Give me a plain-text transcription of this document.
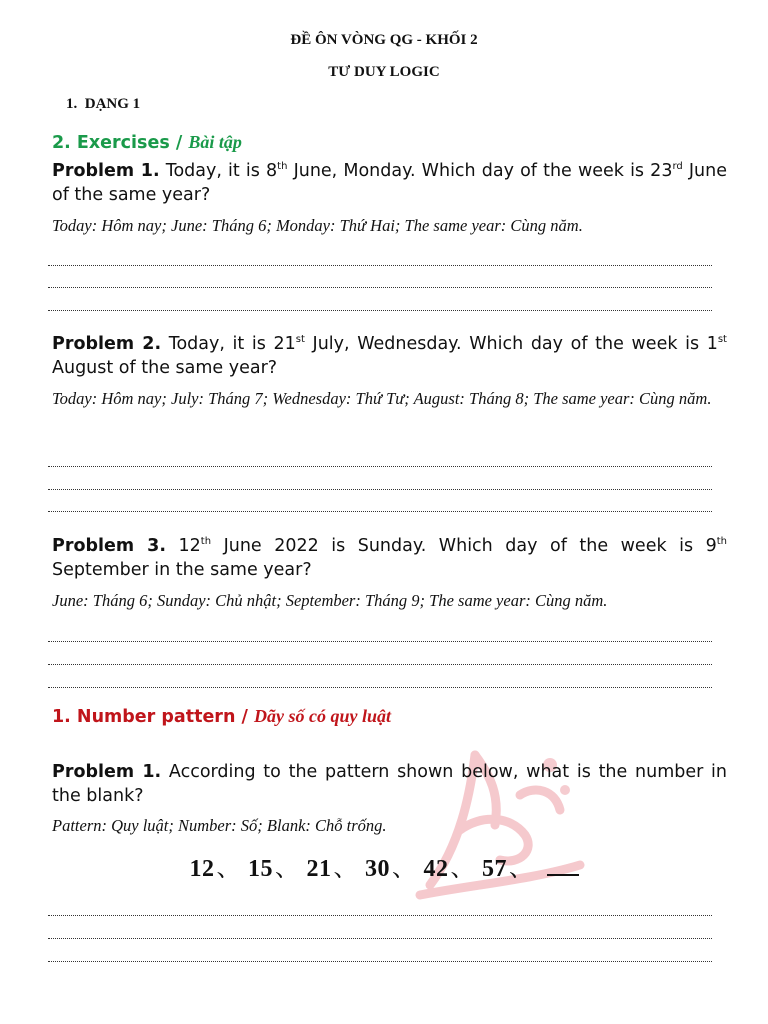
ĐỀ ÔN VÒNG QG - KHỐI 2
TƯ DUY LOGIC
1.  DẠNG 1
2. Exercises / Bài tập
Problem 1. Today, it is 8th June, Monday. Which day of the week is 23rd June of the same year?
Today: Hôm nay; June: Tháng 6; Monday: Thứ Hai; The same year: Cùng năm.
Problem 2. Today, it is 21st July, Wednesday. Which day of the week is 1st August of the same year?
Today: Hôm nay; July: Tháng 7; Wednesday: Thứ Tư; August: Tháng 8; The same year: Cùng năm.
Problem 3. 12th June 2022 is Sunday. Which day of the week is 9th September in the same year?
June: Tháng 6; Sunday: Chủ nhật; September: Tháng 9; The same year: Cùng năm.
1. Number pattern / Dãy số có quy luật
Problem 1. According to the pattern shown below, what is the number in the blank?
Pattern: Quy luật; Number: Số; Blank: Chỗ trống.
12、 15、 21、 30、 42、 57、
